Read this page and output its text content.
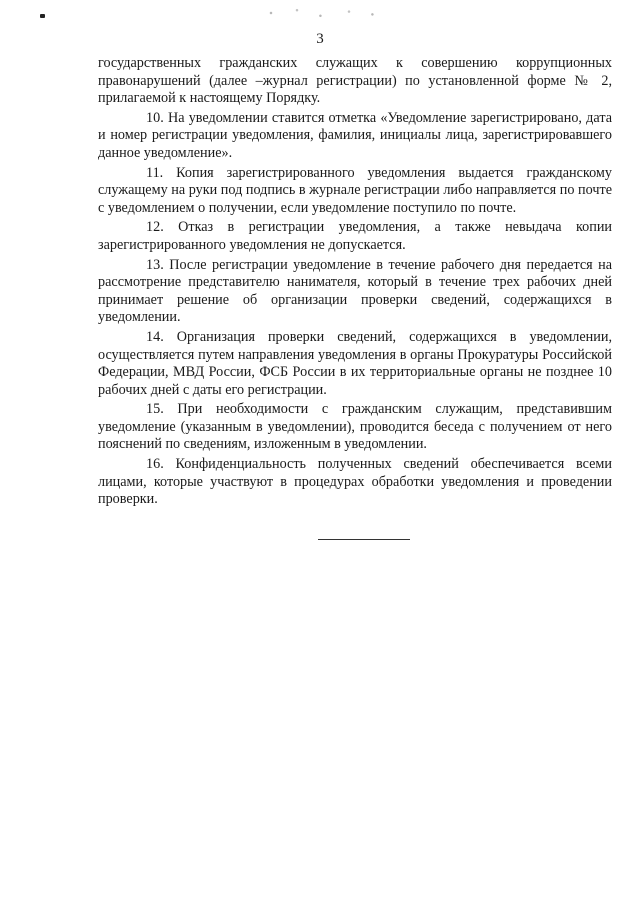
3

государственных гражданских служащих к совершению коррупционных правонарушений (далее –журнал регистрации) по установленной форме № 2, прилагаемой к настоящему Порядку.

10. На уведомлении ставится отметка «Уведомление зарегистрировано, дата и номер регистрации уведомления, фамилия, инициалы лица, зарегистрировавшего данное уведомление».

11. Копия зарегистрированного уведомления выдается гражданскому служащему на руки под подпись в журнале регистрации либо направляется по почте с уведомлением о получении, если уведомление поступило по почте.

12. Отказ в регистрации уведомления, а также невыдача копии зарегистрированного уведомления не допускается.

13. После регистрации уведомление в течение рабочего дня передается на рассмотрение представителю нанимателя, который в течение трех рабочих дней принимает решение об организации проверки сведений, содержащихся в уведомлении.

14. Организация проверки сведений, содержащихся в уведомлении, осуществляется путем направления уведомления в органы Прокуратуры Российской Федерации, МВД России, ФСБ России в их территориальные органы не позднее 10 рабочих дней с даты его регистрации.

15. При необходимости с гражданским служащим, представившим уведомление (указанным в уведомлении), проводится беседа с получением от него пояснений по сведениям, изложенным в уведомлении.

16. Конфиденциальность полученных сведений обеспечивается всеми лицами, которые участвуют в процедурах обработки уведомления и проведении проверки.
